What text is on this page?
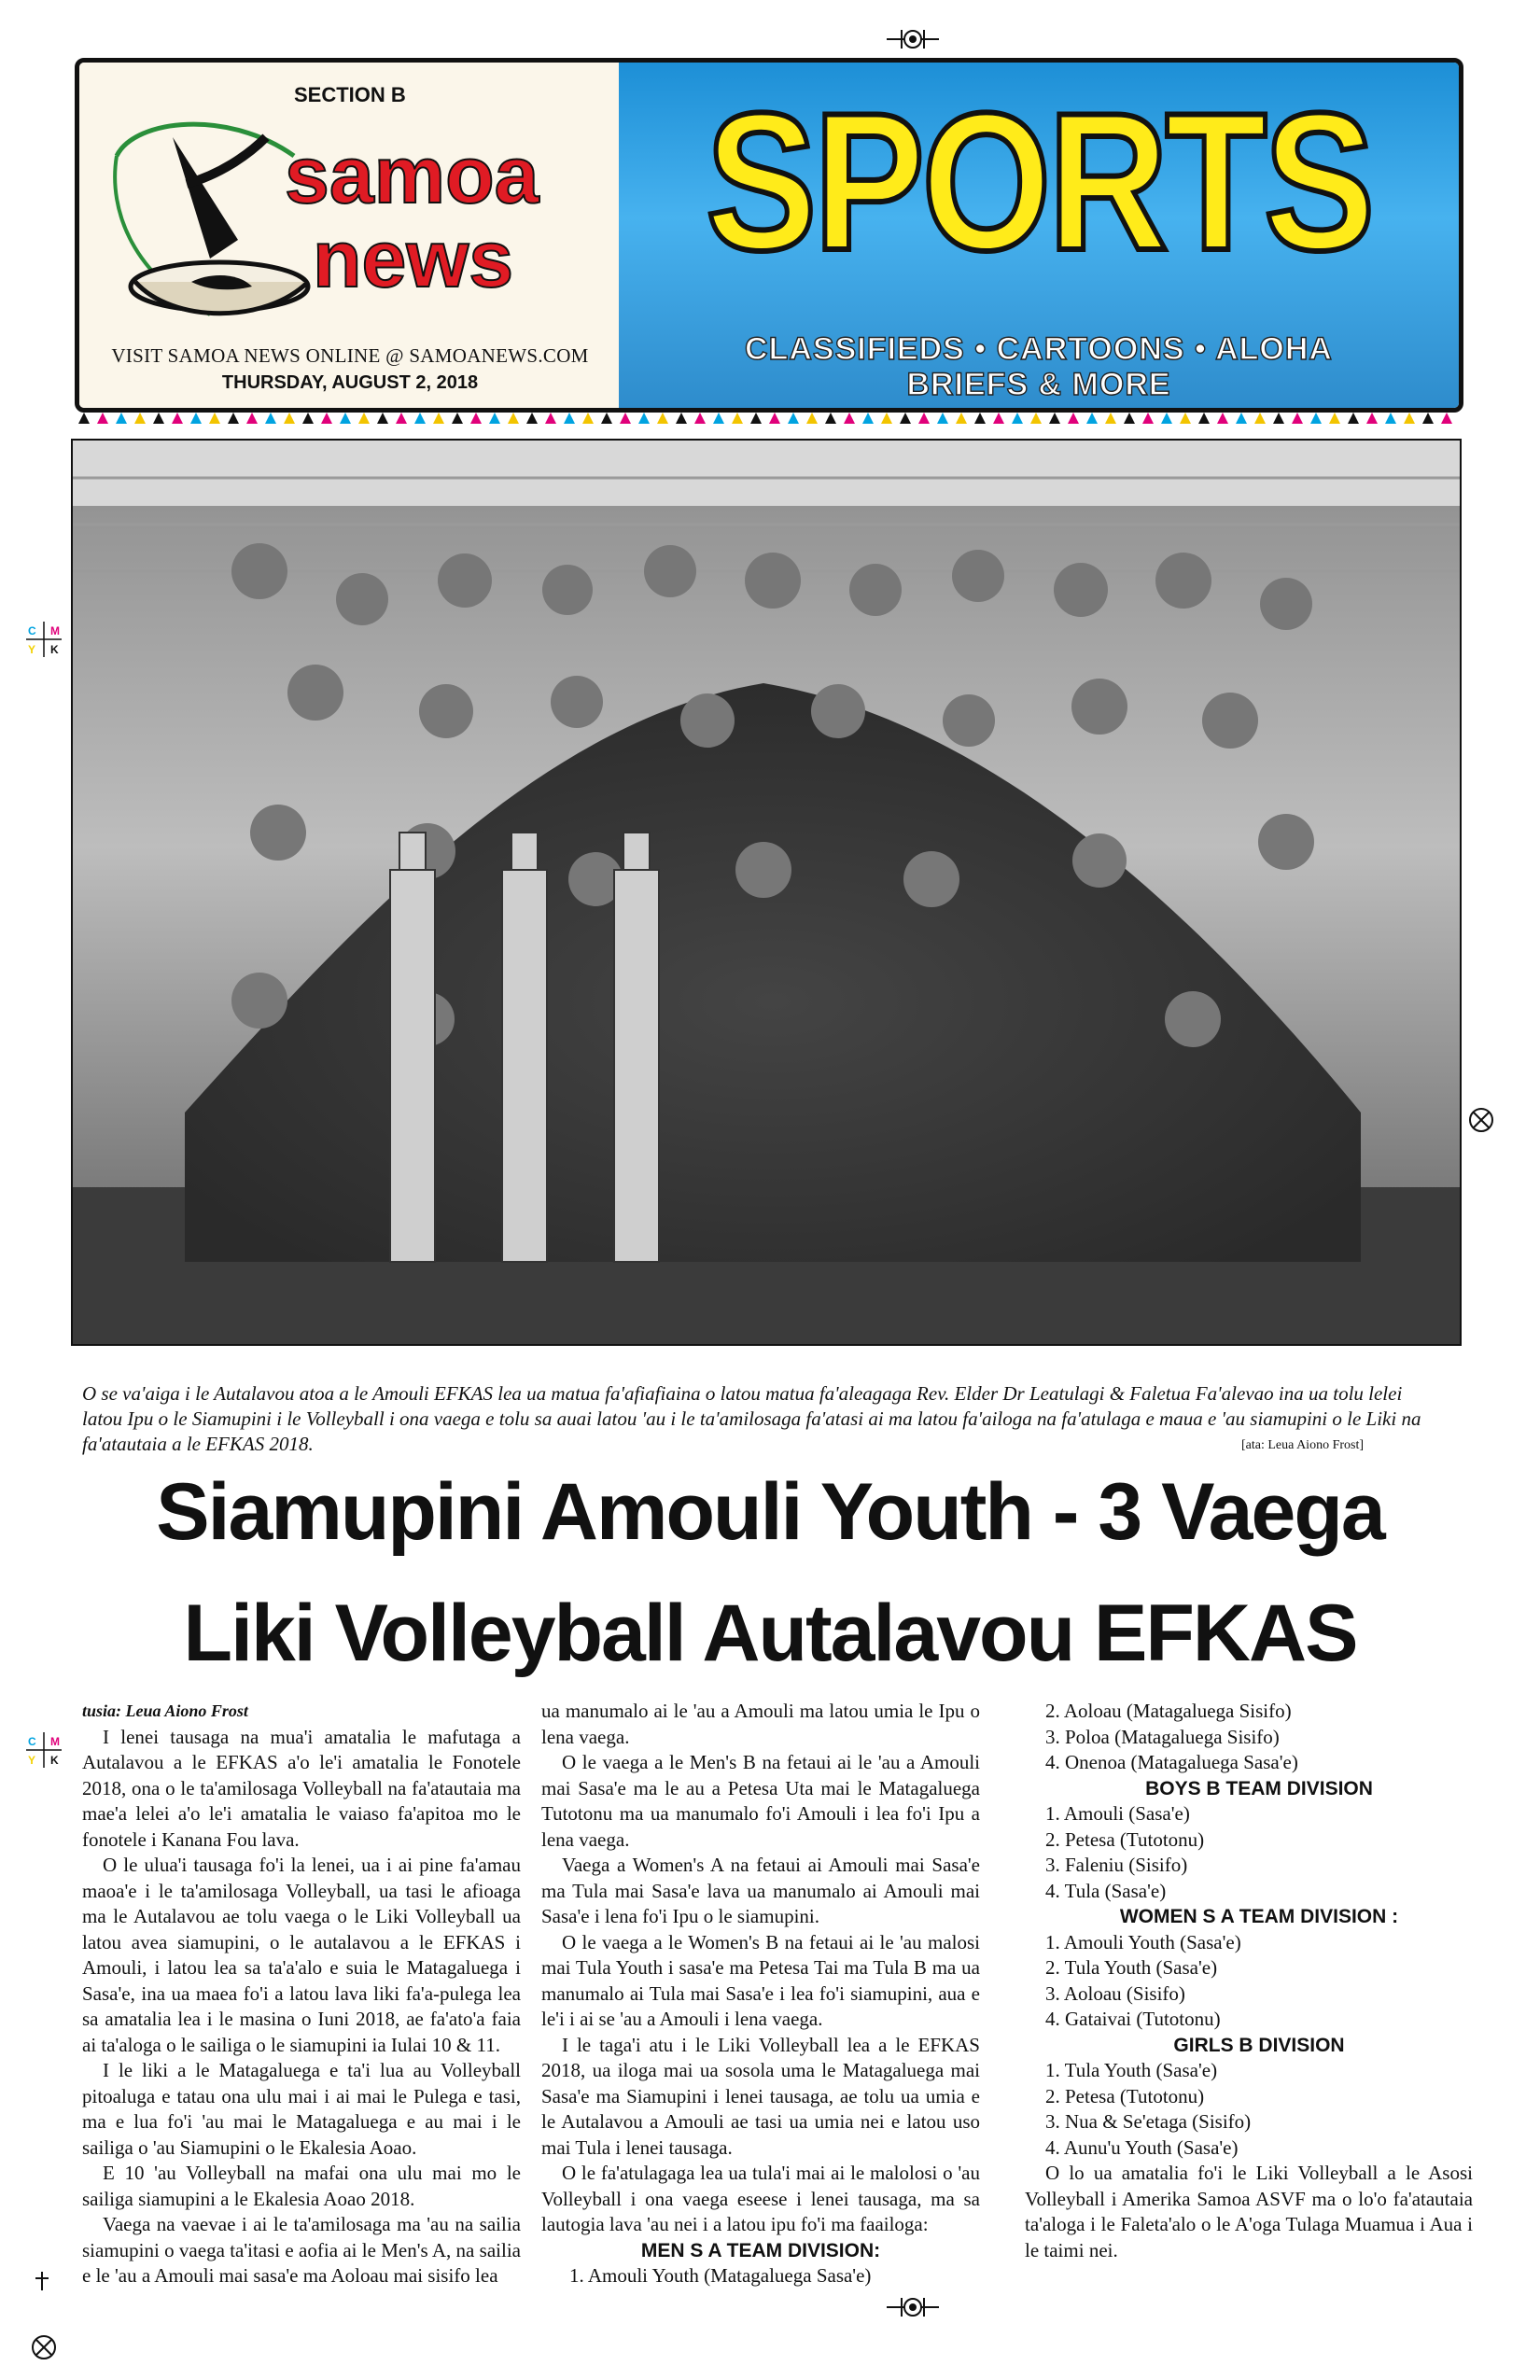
C M
Y K
C M
Y K
SECTION B
samoa
news
VISIT SAMOA NEWS ONLINE @ SAMOANEWS.COM
THURSDAY, AUGUST 2, 2018
SPORTS
CLASSIFIEDS • CARTOONS • ALOHA
BRIEFS & MORE
O se va'aiga i le Autalavou atoa a le Amouli EFKAS lea ua matua fa'afiafiaina o latou matua fa'aleagaga Rev. Elder Dr Leatulagi & Faletua Fa'alevao ina ua tolu lelei latou Ipu o le Siamupini i le Volleyball i ona vaega e tolu sa auai latou 'au i le ta'amilosaga fa'atasi ai ma latou fa'ailoga na fa'atulaga e maua e 'au siamupini o le Liki na fa'atautaia a le EFKAS 2018.	[ata: Leua Aiono Frost]
Siamupini Amouli Youth - 3 Vaega
Liki Volleyball Autalavou EFKAS

tusia: Leua Aiono Frost

I lenei tausaga na mua'i amatalia le mafutaga a Autalavou a le EFKAS a'o le'i amatalia le Fonotele 2018, ona o le ta'amilosaga Volleyball na fa'atautaia ma mae'a lelei a'o le'i amatalia le vaiaso fa'apitoa mo le fonotele i Kanana Fou lava.

O le ulua'i tausaga fo'i la lenei, ua i ai pine fa'amau maoa'e i le ta'amilosaga Volleyball, ua tasi le afioaga ma le Autalavou ae tolu vaega o le Liki Volleyball ua latou avea siamupini, o le autalavou a le EFKAS i Amouli, i latou lea sa ta'a'alo e suia le Matagaluega i Sasa'e, ina ua maea fo'i a latou lava liki fa'a-pulega lea sa amatalia lea i le masina o Iuni 2018, ae fa'ato'a faia ai ta'aloga o le sailiga o le siamupini ia Iulai 10 & 11.

I le liki a le Matagaluega e ta'i lua au Volleyball pitoaluga e tatau ona ulu mai i ai mai le Pulega e tasi, ma e lua fo'i 'au mai le Matagaluega e au mai i le sailiga o 'au Siamupini o le Ekalesia Aoao.

E 10 'au Volleyball na mafai ona ulu mai mo le sailiga siamupini a le Ekalesia Aoao 2018.

Vaega na vaevae i ai le ta'amilosaga ma 'au na sailia siamupini o vaega ta'itasi e aofia ai le Men's A, na sailia e le 'au a Amouli mai sasa'e ma Aoloau mai sisifo lea

ua manumalo ai le 'au a Amouli ma latou umia le Ipu o lena vaega.

O le vaega a le Men's B na fetaui ai le 'au a Amouli mai Sasa'e ma le au a Petesa Uta mai le Matagaluega Tutotonu ma ua manumalo fo'i Amouli i lea fo'i Ipu a lena vaega.

Vaega a Women's A na fetaui ai Amouli mai Sasa'e ma Tula mai Sasa'e lava ua manumalo ai Amouli mai Sasa'e i lena fo'i Ipu o le siamupini.

O le vaega a le Women's B na fetaui ai le 'au malosi mai Tula Youth i sasa'e ma Petesa Tai ma Tula B ma ua manumalo ai Tula mai Sasa'e i lea fo'i siamupini, aua e le'i i ai se 'au a Amouli i lena vaega.

I le taga'i atu i le Liki Volleyball lea a le EFKAS 2018, ua iloga mai ua sosola uma le Matagaluega mai Sasa'e ma Siamupini i lenei tausaga, ae tolu ua umia e le Autalavou a Amouli ae tasi ua umia nei e latou uso mai Tula i lenei tausaga.

O le fa'atulagaga lea ua tula'i mai ai le malolosi o 'au Volleyball i ona vaega eseese i lenei tausaga, ma sa lautogia lava 'au nei i a latou ipu fo'i ma faailoga:

MEN S A TEAM DIVISION:

1. Amouli Youth (Matagaluega Sasa'e)

2. Aoloau (Matagaluega Sisifo)

3. Poloa (Matagaluega Sisifo)

4. Onenoa (Matagaluega Sasa'e)

BOYS B TEAM DIVISION

1. Amouli (Sasa'e)

2. Petesa (Tutotonu)

3. Faleniu (Sisifo)

4. Tula (Sasa'e)

WOMEN S A TEAM DIVISION :

1. Amouli Youth (Sasa'e)

2. Tula Youth (Sasa'e)

3. Aoloau (Sisifo)

4. Gataivai (Tutotonu)

GIRLS B DIVISION

1. Tula Youth (Sasa'e)

2. Petesa (Tutotonu)

3. Nua & Se'etaga (Sisifo)

4. Aunu'u Youth (Sasa'e)

O lo ua amatalia fo'i le Liki Volleyball a le Asosi Volleyball i Amerika Samoa ASVF ma o lo'o fa'atautaia ta'aloga i le Faleta'alo o le A'oga Tulaga Muamua i Aua i le taimi nei.
